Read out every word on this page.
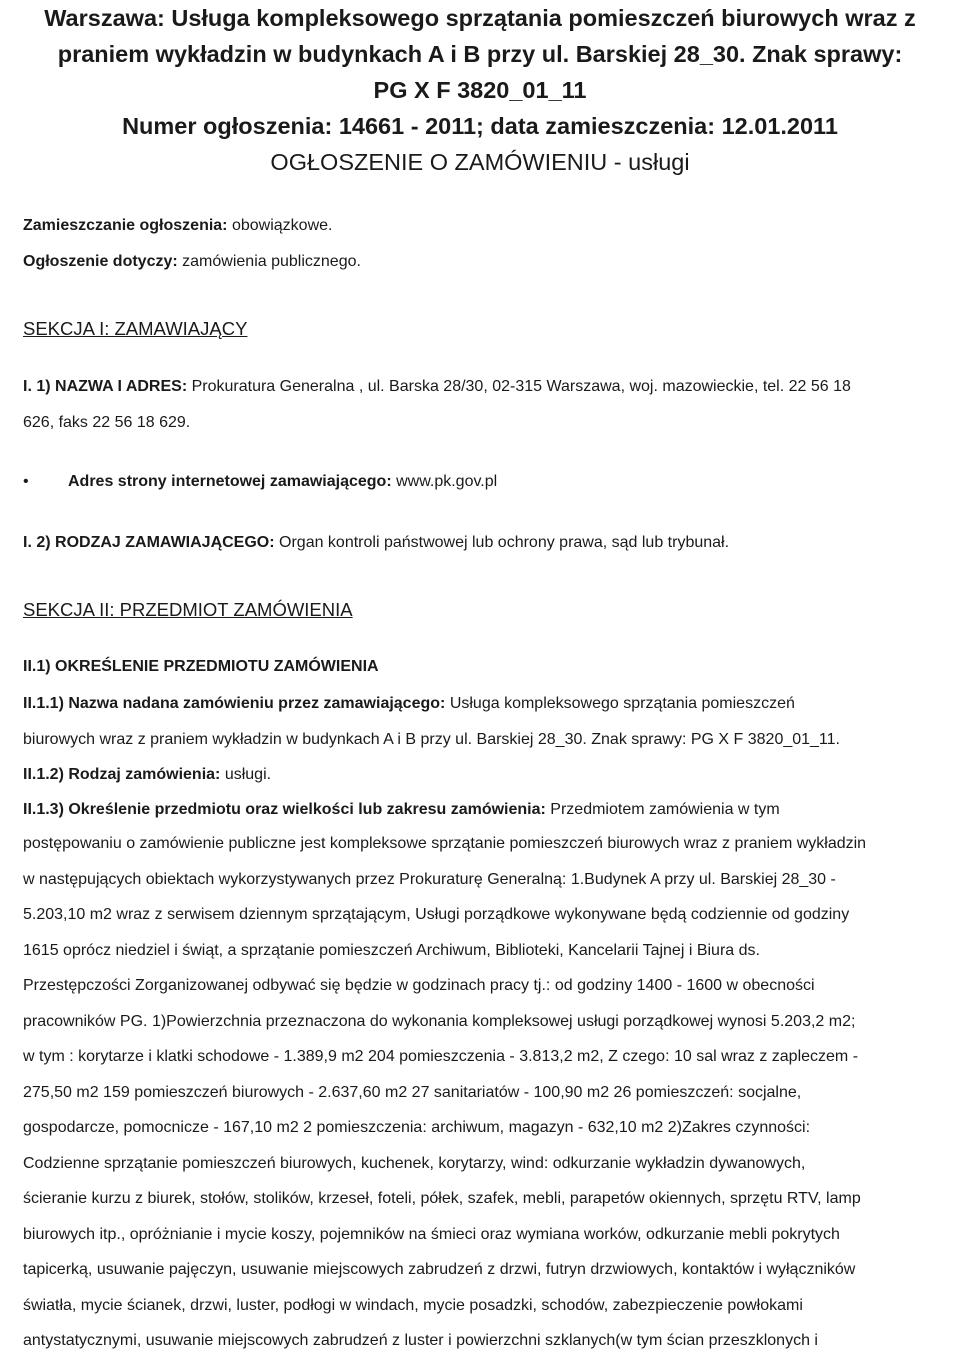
Warszawa: Usługa kompleksowego sprzątania pomieszczeń biurowych wraz z
praniem wykładzin w budynkach A i B przy ul. Barskiej 28_30. Znak sprawy:
PG X F 3820_01_11
Numer ogłoszenia: 14661 - 2011; data zamieszczenia: 12.01.2011
OGŁOSZENIE O ZAMÓWIENIU - usługi
Zamieszczanie ogłoszenia: obowiązkowe.
Ogłoszenie dotyczy: zamówienia publicznego.
SEKCJA I: ZAMAWIAJĄCY
I. 1) NAZWA I ADRES: Prokuratura Generalna , ul. Barska 28/30, 02-315 Warszawa, woj. mazowieckie, tel. 22 56 18
626, faks 22 56 18 629.
•	Adres strony internetowej zamawiającego: www.pk.gov.pl
I. 2) RODZAJ ZAMAWIAJĄCEGO: Organ kontroli państwowej lub ochrony prawa, sąd lub trybunał.
SEKCJA II: PRZEDMIOT ZAMÓWIENIA
II.1) OKREŚLENIE PRZEDMIOTU ZAMÓWIENIA
II.1.1) Nazwa nadana zamówieniu przez zamawiającego: Usługa kompleksowego sprzątania pomieszczeń
biurowych wraz z praniem wykładzin w budynkach A i B przy ul. Barskiej 28_30. Znak sprawy: PG X F 3820_01_11.
II.1.2) Rodzaj zamówienia: usługi.
II.1.3) Określenie przedmiotu oraz wielkości lub zakresu zamówienia: Przedmiotem zamówienia w tym
postępowaniu o zamówienie publiczne jest kompleksowe sprzątanie pomieszczeń biurowych wraz z praniem wykładzin
w następujących obiektach wykorzystywanych przez Prokuraturę Generalną: 1.Budynek A przy ul. Barskiej 28_30 -
5.203,10 m2 wraz z serwisem dziennym sprzątającym, Usługi porządkowe wykonywane będą codziennie od godziny
1615 oprócz niedziel i świąt, a sprzątanie pomieszczeń Archiwum, Biblioteki, Kancelarii Tajnej i Biura ds.
Przestępczości Zorganizowanej odbywać się będzie w godzinach pracy tj.: od godziny 1400 - 1600 w obecności
pracowników PG. 1)Powierzchnia przeznaczona do wykonania kompleksowej usługi porządkowej wynosi 5.203,2 m2;
w tym : korytarze i klatki schodowe - 1.389,9 m2 204 pomieszczenia - 3.813,2 m2, Z czego: 10 sal wraz z zapleczem -
275,50 m2 159 pomieszczeń biurowych - 2.637,60 m2 27 sanitariatów - 100,90 m2 26 pomieszczeń: socjalne,
gospodarcze, pomocnicze - 167,10 m2 2 pomieszczenia: archiwum, magazyn - 632,10 m2 2)Zakres czynności:
Codzienne sprzątanie pomieszczeń biurowych, kuchenek, korytarzy, wind: odkurzanie wykładzin dywanowych,
ścieranie kurzu z biurek, stołów, stolików, krzeseł, foteli, półek, szafek, mebli, parapetów okiennych, sprzętu RTV, lamp
biurowych itp., opróżnianie i mycie koszy, pojemników na śmieci oraz wymiana worków, odkurzanie mebli pokrytych
tapicerką, usuwanie pajęczyn, usuwanie miejscowych zabrudzeń z drzwi, futryn drzwiowych, kontaktów i wyłączników
światła, mycie ścianek, drzwi, luster, podłogi w windach, mycie posadzki, schodów, zabezpieczenie powłokami
antystatycznymi, usuwanie miejscowych zabrudzeń z luster i powierzchni szklanych(w tym ścian przeszklonych i
